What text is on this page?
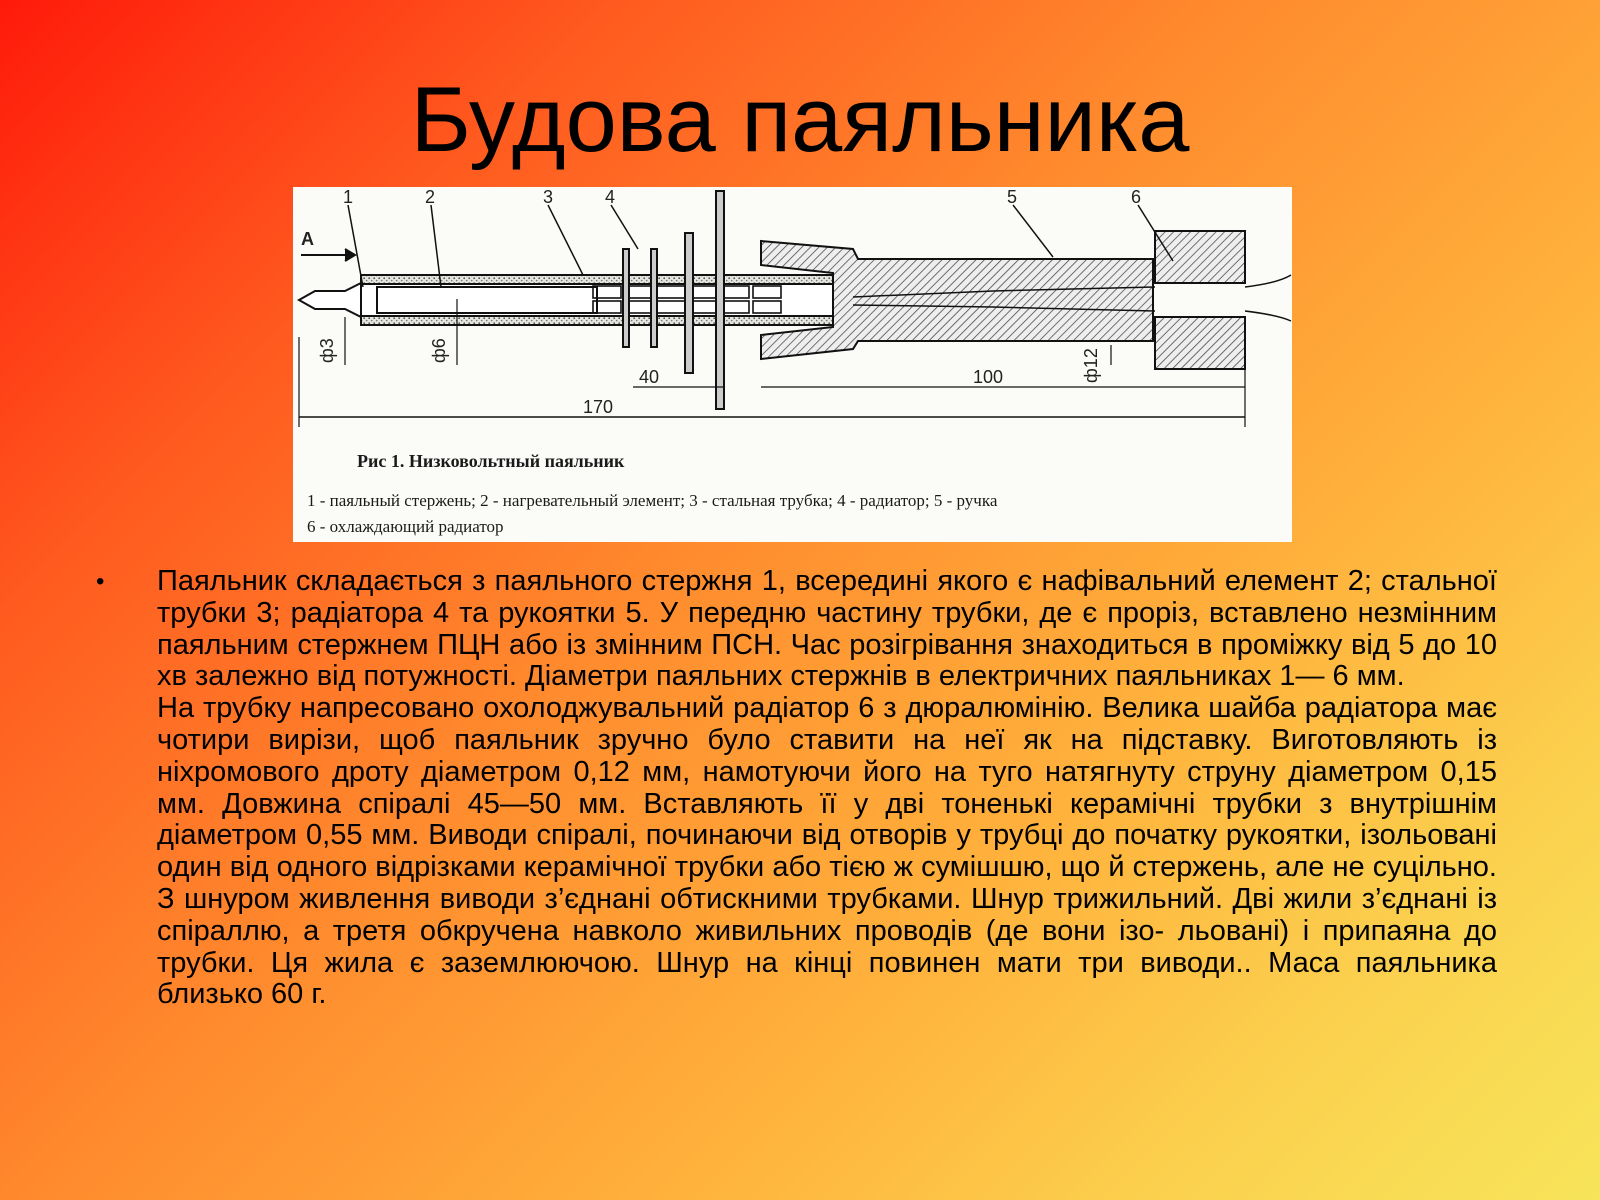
Будова паяльника
1	2	3	4	5	6
A
40
170
100
ф3	ф6	ф12
Рис 1. Низковольтный паяльник
1 - паяльный стержень; 2 - нагревательный элемент; 3 - стальная трубка; 4 - радиатор; 5 - ручка
6 - охлаждающий радиатор
• Паяльник складається з паяльного стержня 1, всередині якого є нафівальний елемент 2; стальної трубки 3; радіатора 4 та рукоятки 5. У передню частину трубки, де є проріз, вставлено незмінним паяльним стержнем ПЦН або із змінним ПСН. Час розігрівання знаходиться в проміжку від 5 до 10 хв залежно від потужності. Діаметри паяльних стержнів в електричних паяльниках 1— 6 мм.

На трубку напресовано охолоджувальний радіатор 6 з дюралюмінію. Велика шайба радіатора має чотири вирізи, щоб паяльник зручно було ставити на неї як на підставку. Виготовляють із ніхромового дроту діаметром 0,12 мм, намотуючи його на туго натягнуту струну діаметром 0,15 мм. Довжина спіралі 45—50 мм. Вставляють її у дві тоненькі керамічні трубки з внутрішнім діаметром 0,55 мм. Виводи спіралі, починаючи від отворів у трубці до початку рукоятки, ізольовані один від одного відрізками керамічної трубки або тією ж сумішшю, що й стержень, але не суцільно. З шнуром живлення виводи з’єднані обтискними трубками. Шнур трижильний. Дві жили з’єднані із спіраллю, а третя обкручена навколо живильних проводів (де вони ізо- льовані) і припаяна до трубки. Ця жила є заземлюючою. Шнур на кінці повинен мати три виводи.. Маса паяльника близько 60 г.
